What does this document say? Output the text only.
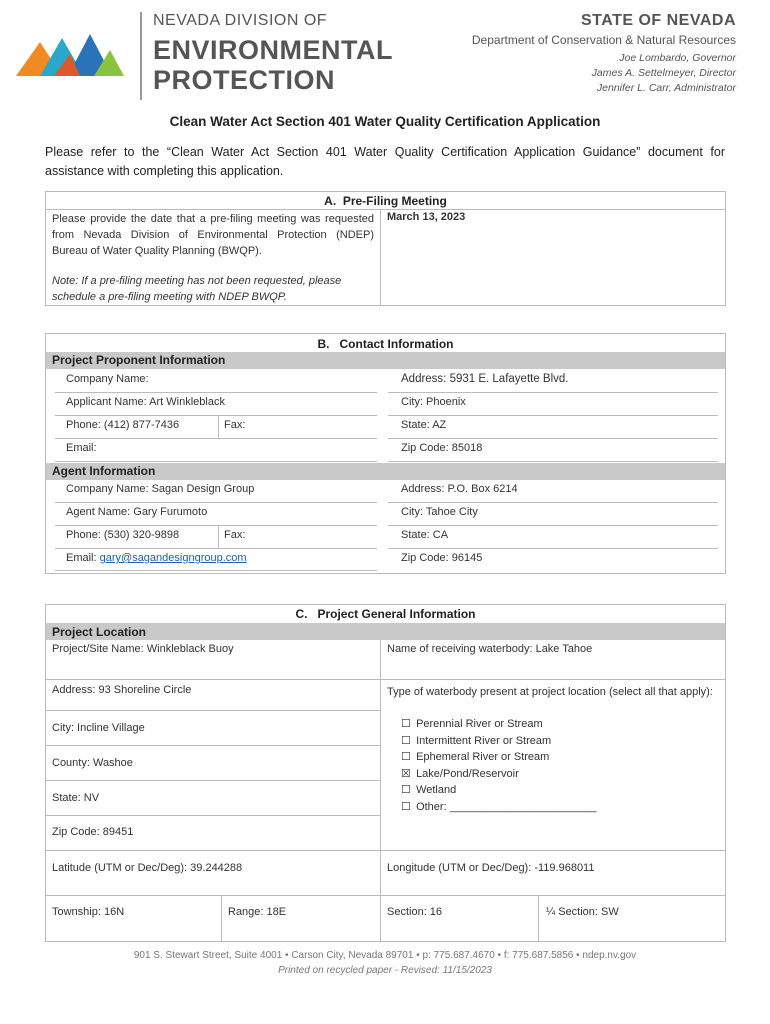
NEVADA DIVISION OF
ENVIRONMENTAL
PROTECTION
STATE OF NEVADA
Department of Conservation & Natural Resources
Joe Lombardo, Governor
James A. Settelmeyer, Director
Jennifer L. Carr, Administrator
Clean Water Act Section 401 Water Quality Certification Application
Please refer to the “Clean Water Act Section 401 Water Quality Certification Application Guidance” document for assistance with completing this application.
A.  Pre-Filing Meeting
Please provide the date that a pre-filing meeting was requested from Nevada Division of Environmental Protection (NDEP) Bureau of Water Quality Planning (BWQP).
Note: If a pre-filing meeting has not been requested, please schedule a pre-filing meeting with NDEP BWQP.
March 13, 2023
B.   Contact Information
Project Proponent Information
Company Name:	Address: 5931 E. Lafayette Blvd.
Applicant Name: Art Winkleblack	City: Phoenix
Phone: (412) 877-7436	Fax:	State: AZ
Email:	Zip Code: 85018
Agent Information
Company Name: Sagan Design Group	Address: P.O. Box 6214
Agent Name: Gary Furumoto	City: Tahoe City
Phone: (530) 320-9898	Fax:	State: CA
Email: gary@sagandesigngroup.com	Zip Code: 96145
C.   Project General Information
Project Location
Project/Site Name: Winkleblack Buoy	Name of receiving waterbody: Lake Tahoe
Address: 93 Shoreline Circle
City: Incline Village
County: Washoe
State: NV
Zip Code: 89451
Type of waterbody present at project location (select all that apply):
☐ Perennial River or Stream
☐ Intermittent River or Stream
☐ Ephemeral River or Stream
☒ Lake/Pond/Reservoir
☐ Wetland
☐ Other: ________________________
Latitude (UTM or Dec/Deg): 39.244288	Longitude (UTM or Dec/Deg): -119.968011
Township: 16N	Range: 18E	Section: 16	¼ Section: SW
901 S. Stewart Street, Suite 4001 • Carson City, Nevada 89701 • p: 775.687.4670 • f: 775.687.5856 • ndep.nv.gov
Printed on recycled paper - Revised: 11/15/2023
